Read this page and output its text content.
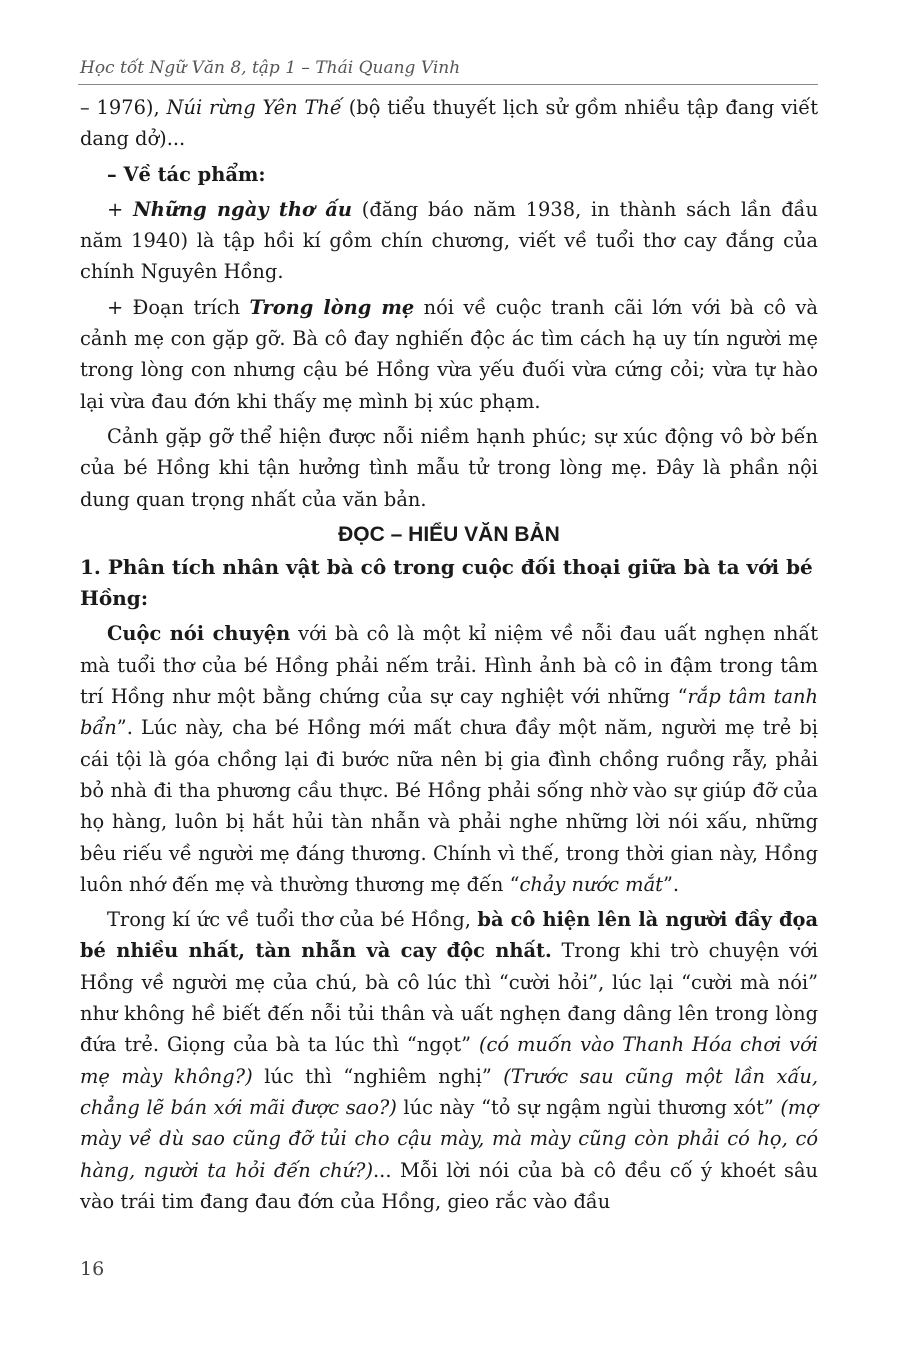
Học tốt Ngữ Văn 8, tập 1 – Thái Quang Vinh

– 1976), Núi rừng Yên Thế (bộ tiểu thuyết lịch sử gồm nhiều tập đang viết dang dở)...

– Về tác phẩm:

+ Những ngày thơ ấu (đăng báo năm 1938, in thành sách lần đầu năm 1940) là tập hồi kí gồm chín chương, viết về tuổi thơ cay đắng của chính Nguyên Hồng.

+ Đoạn trích Trong lòng mẹ nói về cuộc tranh cãi lớn với bà cô và cảnh mẹ con gặp gỡ. Bà cô đay nghiến độc ác tìm cách hạ uy tín người mẹ trong lòng con nhưng cậu bé Hồng vừa yếu đuối vừa cứng cỏi; vừa tự hào lại vừa đau đớn khi thấy mẹ mình bị xúc phạm.

Cảnh gặp gỡ thể hiện được nỗi niềm hạnh phúc; sự xúc động vô bờ bến của bé Hồng khi tận hưởng tình mẫu tử trong lòng mẹ. Đây là phần nội dung quan trọng nhất của văn bản.

ĐỌC – HIỂU VĂN BẢN

1. Phân tích nhân vật bà cô trong cuộc đối thoại giữa bà ta với bé Hồng:

Cuộc nói chuyện với bà cô là một kỉ niệm về nỗi đau uất nghẹn nhất mà tuổi thơ của bé Hồng phải nếm trải. Hình ảnh bà cô in đậm trong tâm trí Hồng như một bằng chứng của sự cay nghiệt với những “rắp tâm tanh bẩn”. Lúc này, cha bé Hồng mới mất chưa đầy một năm, người mẹ trẻ bị cái tội là góa chồng lại đi bước nữa nên bị gia đình chồng ruồng rẫy, phải bỏ nhà đi tha phương cầu thực. Bé Hồng phải sống nhờ vào sự giúp đỡ của họ hàng, luôn bị hắt hủi tàn nhẫn và phải nghe những lời nói xấu, những bêu riếu về người mẹ đáng thương. Chính vì thế, trong thời gian này, Hồng luôn nhớ đến mẹ và thường thương mẹ đến “chảy nước mắt”.

Trong kí ức về tuổi thơ của bé Hồng, bà cô hiện lên là người đầy đọa bé nhiều nhất, tàn nhẫn và cay độc nhất. Trong khi trò chuyện với Hồng về người mẹ của chú, bà cô lúc thì “cười hỏi”, lúc lại “cười mà nói” như không hề biết đến nỗi tủi thân và uất nghẹn đang dâng lên trong lòng đứa trẻ. Giọng của bà ta lúc thì “ngọt” (có muốn vào Thanh Hóa chơi với mẹ mày không?) lúc thì “nghiêm nghị” (Trước sau cũng một lần xấu, chẳng lẽ bán xới mãi được sao?) lúc này “tỏ sự ngậm ngùi thương xót” (mợ mày về dù sao cũng đỡ tủi cho cậu mày, mà mày cũng còn phải có họ, có hàng, người ta hỏi đến chứ?)... Mỗi lời nói của bà cô đều cố ý khoét sâu vào trái tim đang đau đớn của Hồng, gieo rắc vào đầu

16
